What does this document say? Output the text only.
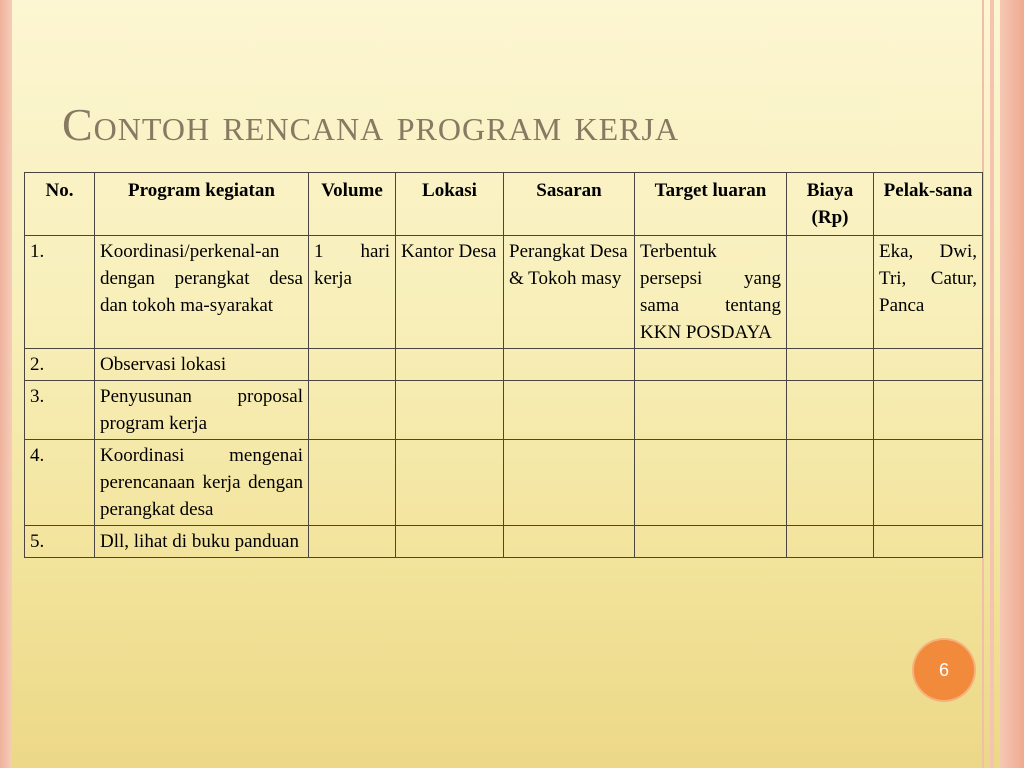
Contoh rencana program kerja
No.	Program kegiatan	Volume	Lokasi	Sasaran	Target luaran	Biaya (Rp)	Pelak-sana
1.	Koordinasi/perkenal-an dengan perangkat desa dan tokoh ma-syarakat	1 hari kerja	Kantor Desa	Perangkat Desa & Tokoh masy	Terbentuk persepsi yang sama tentang KKN POSDAYA		Eka, Dwi, Tri, Catur, Panca
2.	Observasi lokasi						
3.	Penyusunan proposal program kerja						
4.	Koordinasi mengenai perencanaan kerja dengan perangkat desa						
5.	Dll, lihat di buku panduan						
6
